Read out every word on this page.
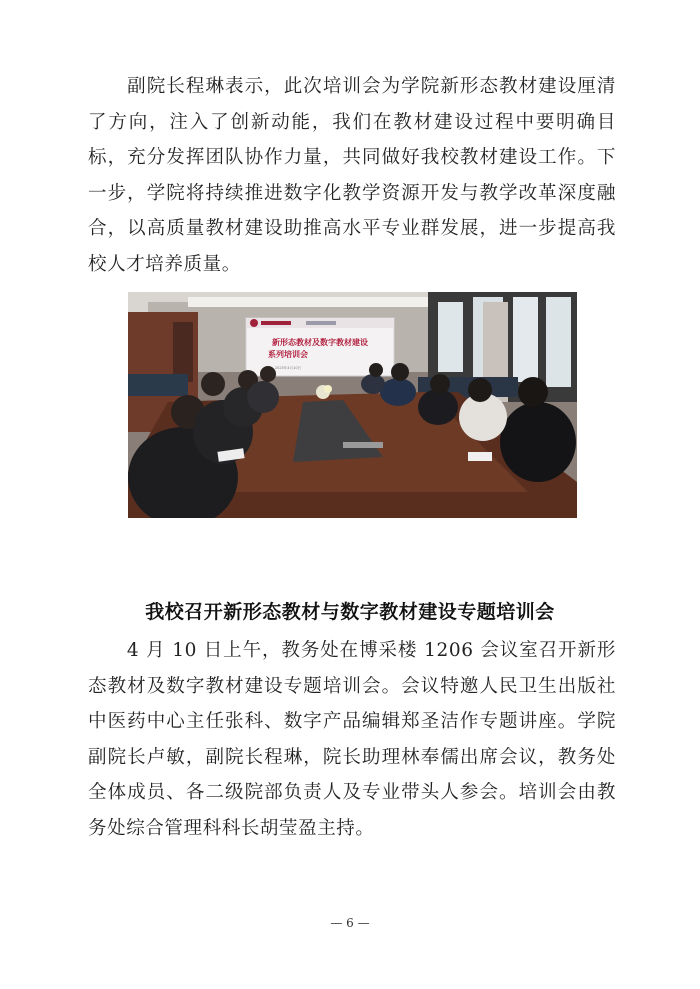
　　副院长程琳表示，此次培训会为学院新形态教材建设厘清了方向，注入了创新动能，我们在教材建设过程中要明确目标，充分发挥团队协作力量，共同做好我校教材建设工作。下一步，学院将持续推进数字化教学资源开发与教学改革深度融合，以高质量教材建设助推高水平专业群发展，进一步提高我校人才培养质量。

新形态教材及数字教材建设
系列培训会
2025年4月10日
我校召开新形态教材与数字教材建设专题培训会

　　4 月 10 日上午，教务处在博采楼 1206 会议室召开新形态教材及数字教材建设专题培训会。会议特邀人民卫生出版社中医药中心主任张科、数字产品编辑郑圣洁作专题讲座。学院副院长卢敏，副院长程琳，院长助理林奉儒出席会议，教务处全体成员、各二级院部负责人及专业带头人参会。培训会由教务处综合管理科科长胡莹盈主持。

— 6 —
